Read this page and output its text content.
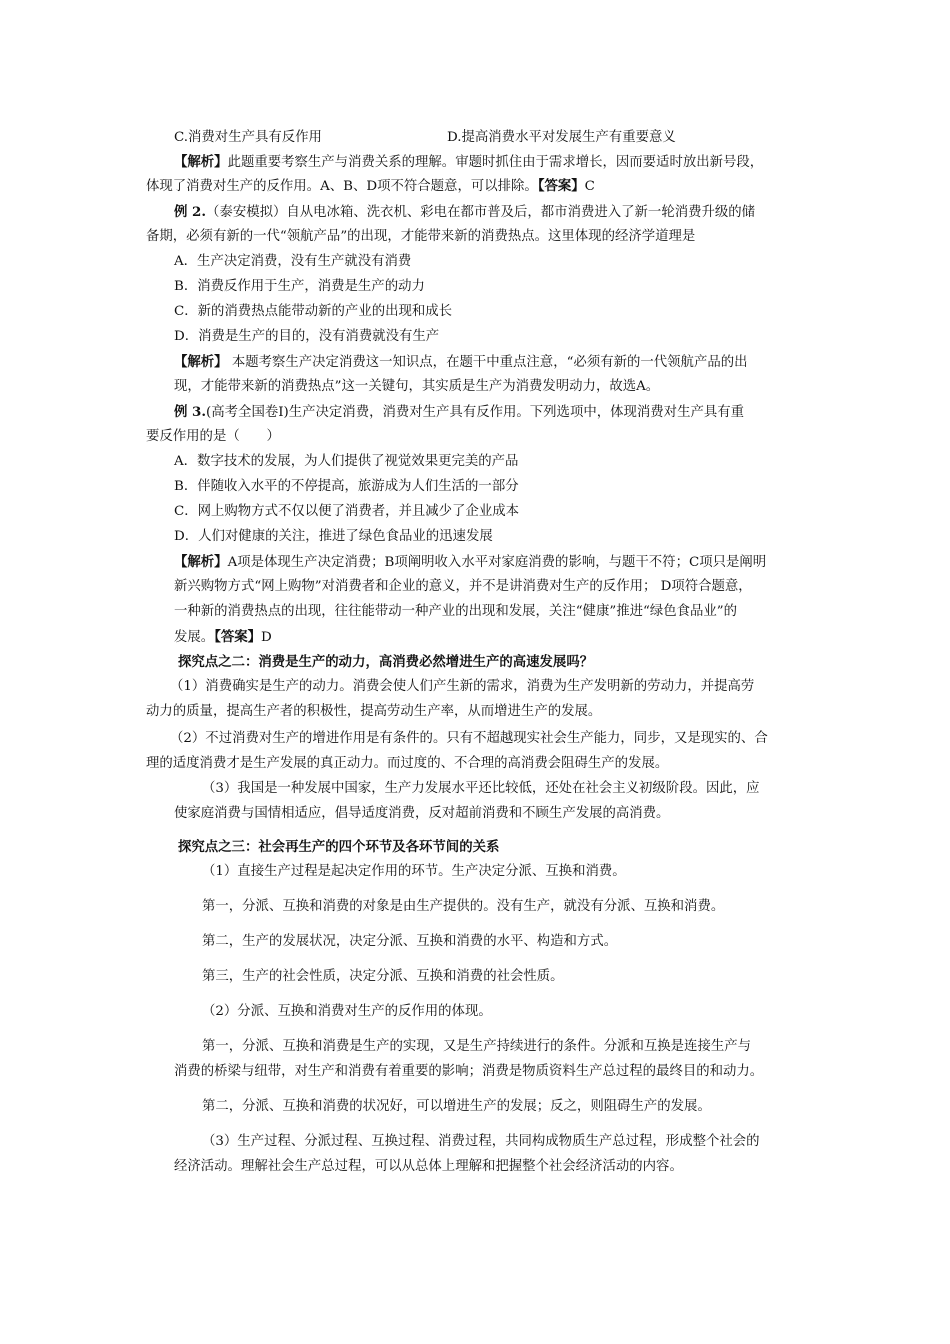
C.消费对生产具有反作用	D.提高消费水平对发展生产有重要意义
【解析】此题重要考察生产与消费关系的理解。审题时抓住由于需求增长，因而要适时放出新号段，
体现了消费对生产的反作用。A、B、D项不符合题意，可以排除。【答案】C
例 2.（泰安模拟）自从电冰箱、洗衣机、彩电在都市普及后，都市消费进入了新一轮消费升级的储
备期，必须有新的一代“领航产品”的出现，才能带来新的消费热点。这里体现的经济学道理是
A．生产决定消费，没有生产就没有消费
B．消费反作用于生产，消费是生产的动力
C．新的消费热点能带动新的产业的出现和成长
D．消费是生产的目的，没有消费就没有生产
【解析】 本题考察生产决定消费这一知识点，在题干中重点注意，“必须有新的一代领航产品的出
现，才能带来新的消费热点”这一关键句，其实质是生产为消费发明动力，故选A。
例 3.(高考全国卷Ⅰ)生产决定消费，消费对生产具有反作用。下列选项中，体现消费对生产具有重
要反作用的是（　　）
A．数字技术的发展，为人们提供了视觉效果更完美的产品
B．伴随收入水平的不停提高，旅游成为人们生活的一部分
C．网上购物方式不仅以便了消费者，并且减少了企业成本
D．人们对健康的关注，推进了绿色食品业的迅速发展
【解析】A项是体现生产决定消费；B项阐明收入水平对家庭消费的影响，与题干不符；C项只是阐明
新兴购物方式“网上购物”对消费者和企业的意义，并不是讲消费对生产的反作用； D项符合题意，
一种新的消费热点的出现，往往能带动一种产业的出现和发展，关注“健康”推进“绿色食品业”的
发展。【答案】D
探究点之二：消费是生产的动力，高消费必然增进生产的高速发展吗？
（1）消费确实是生产的动力。消费会使人们产生新的需求，消费为生产发明新的劳动力，并提高劳
动力的质量，提高生产者的积极性，提高劳动生产率，从而增进生产的发展。
（2）不过消费对生产的增进作用是有条件的。只有不超越现实社会生产能力，同步，又是现实的、合
理的适度消费才是生产发展的真正动力。而过度的、不合理的高消费会阻碍生产的发展。
（3）我国是一种发展中国家，生产力发展水平还比较低，还处在社会主义初级阶段。因此，应
使家庭消费与国情相适应，倡导适度消费，反对超前消费和不顾生产发展的高消费。
探究点之三：社会再生产的四个环节及各环节间的关系
（1）直接生产过程是起决定作用的环节。生产决定分派、互换和消费。
第一，分派、互换和消费的对象是由生产提供的。没有生产，就没有分派、互换和消费。
第二，生产的发展状况，决定分派、互换和消费的水平、构造和方式。
第三，生产的社会性质，决定分派、互换和消费的社会性质。
（2）分派、互换和消费对生产的反作用的体现。
第一，分派、互换和消费是生产的实现，又是生产持续进行的条件。分派和互换是连接生产与
消费的桥梁与纽带，对生产和消费有着重要的影响；消费是物质资料生产总过程的最终目的和动力。
第二，分派、互换和消费的状况好，可以增进生产的发展；反之，则阻碍生产的发展。
（3）生产过程、分派过程、互换过程、消费过程，共同构成物质生产总过程，形成整个社会的
经济活动。理解社会生产总过程，可以从总体上理解和把握整个社会经济活动的内容。
